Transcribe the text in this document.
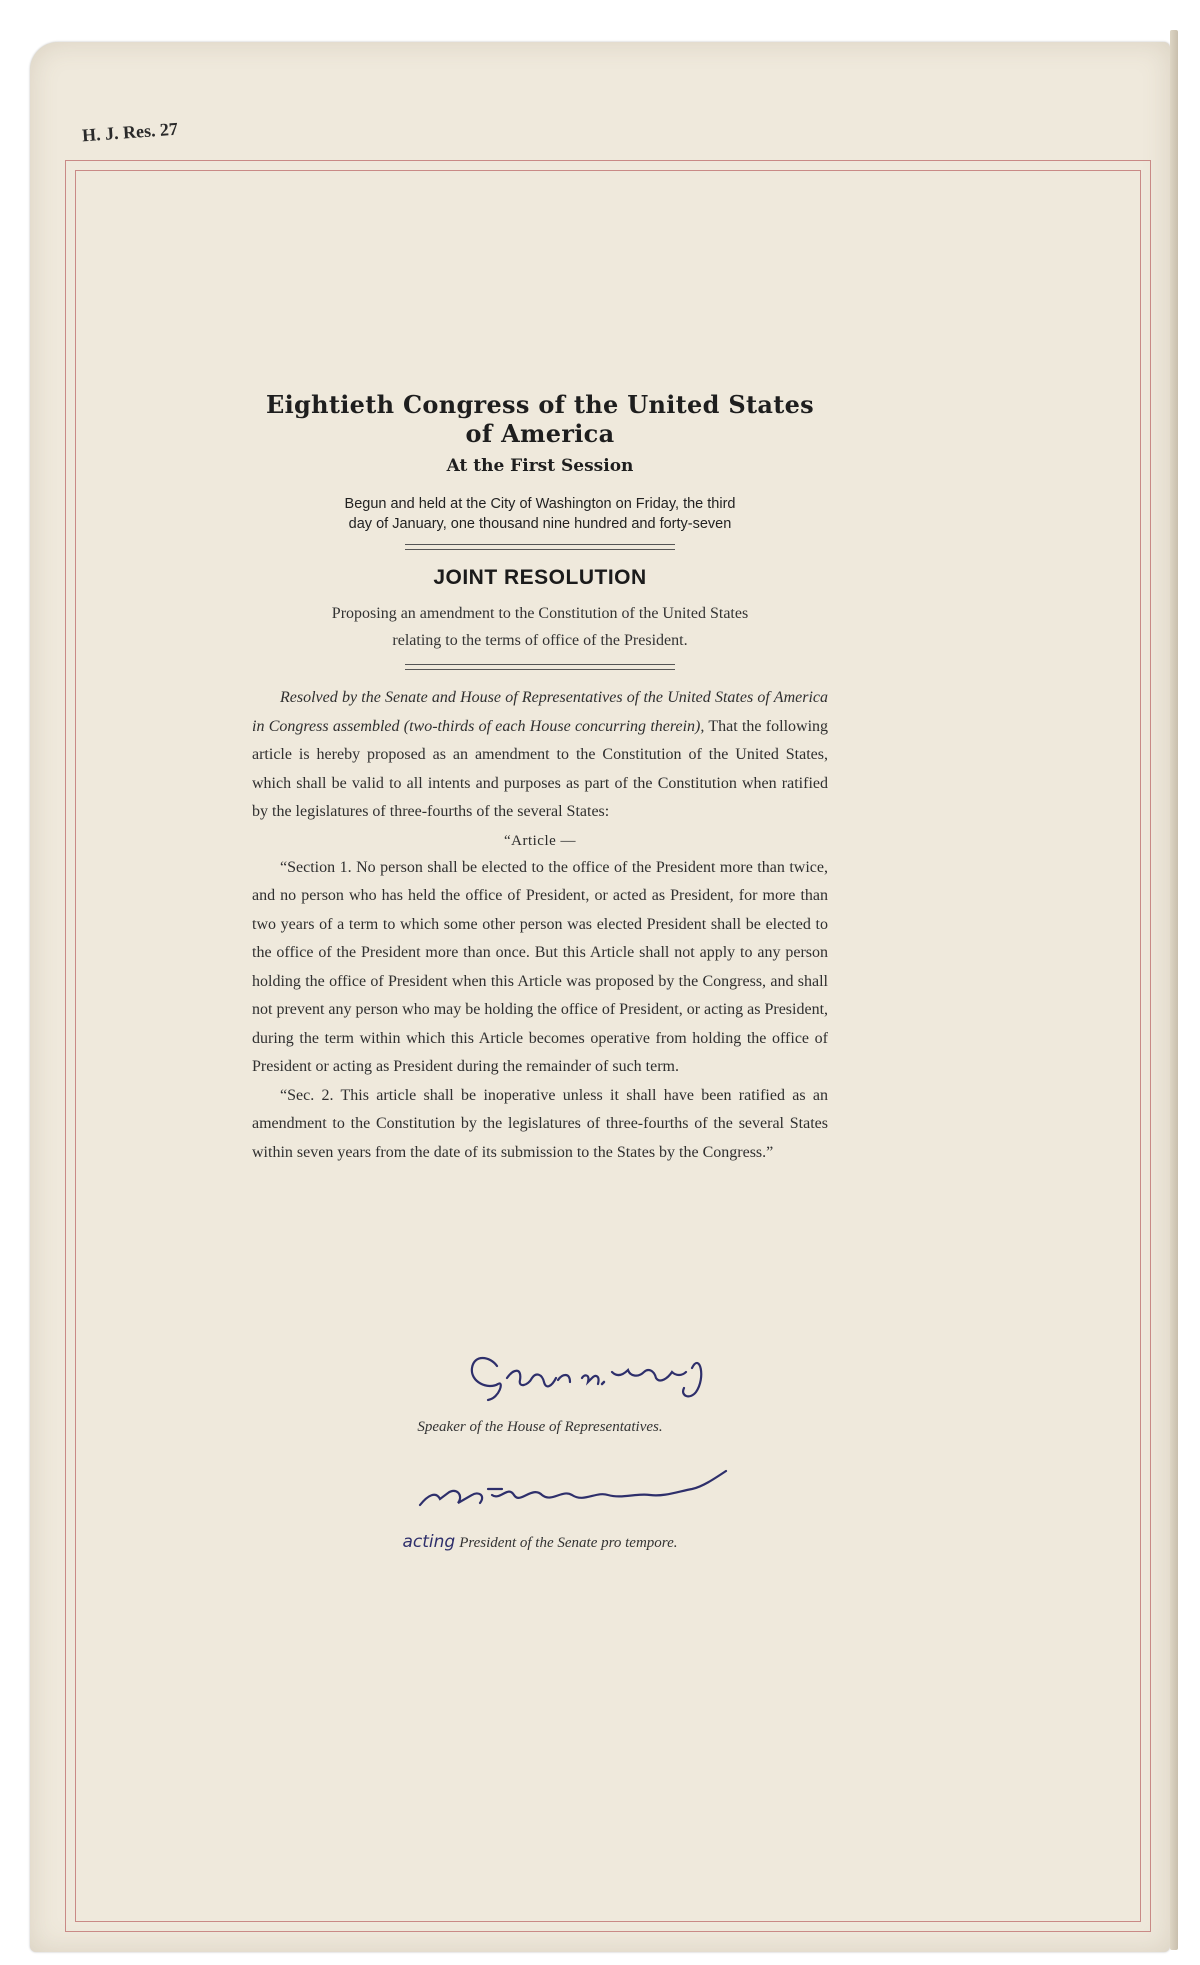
H. J. Res. 27

Eightieth Congress of the United States of America

At the First Session

Begun and held at the City of Washington on Friday, the third
day of January, one thousand nine hundred and forty-seven

JOINT RESOLUTION

Proposing an amendment to the Constitution of the United States
relating to the terms of office of the President.

Resolved by the Senate and House of Representatives of the United States of America in Congress assembled (two-thirds of each House concurring therein), That the following article is hereby proposed as an amendment to the Constitution of the United States, which shall be valid to all intents and purposes as part of the Constitution when ratified by the legislatures of three-fourths of the several States:

“Article —

“Section 1. No person shall be elected to the office of the President more than twice, and no person who has held the office of President, or acted as President, for more than two years of a term to which some other person was elected President shall be elected to the office of the President more than once. But this Article shall not apply to any person holding the office of President when this Article was proposed by the Congress, and shall not prevent any person who may be holding the office of President, or acting as President, during the term within which this Article becomes operative from holding the office of President or acting as President during the remainder of such term.

“Sec. 2. This article shall be inoperative unless it shall have been ratified as an amendment to the Constitution by the legislatures of three-fourths of the several States within seven years from the date of its submission to the States by the Congress.”

Speaker of the House of Representatives.
acting President of the Senate pro tempore.
